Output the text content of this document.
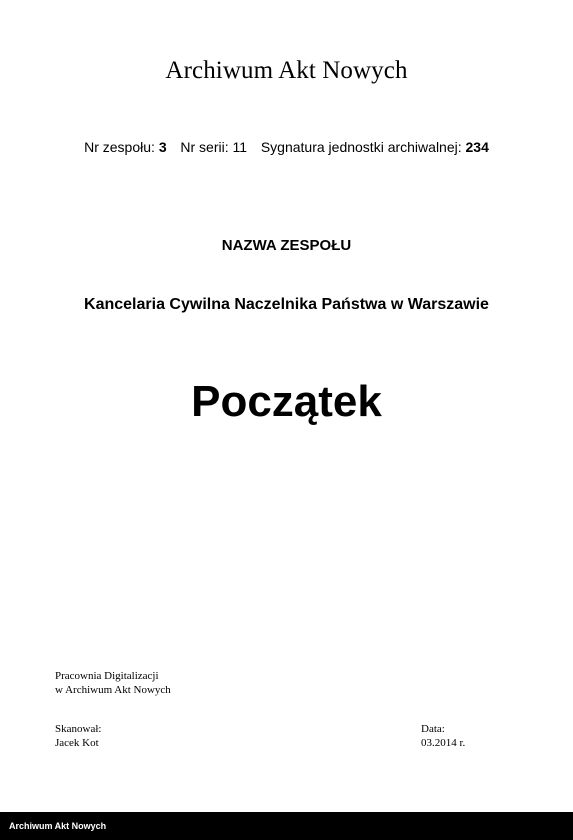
Archiwum Akt Nowych
Nr zespołu: 3 Nr serii: 11 Sygnatura jednostki archiwalnej: 234
NAZWA ZESPOŁU
Kancelaria Cywilna Naczelnika Państwa w Warszawie
Początek
Pracownia Digitalizacji
w Archiwum Akt Nowych
Skanował:
Jacek Kot
Data:
03.2014 r.
Archiwum Akt Nowych
